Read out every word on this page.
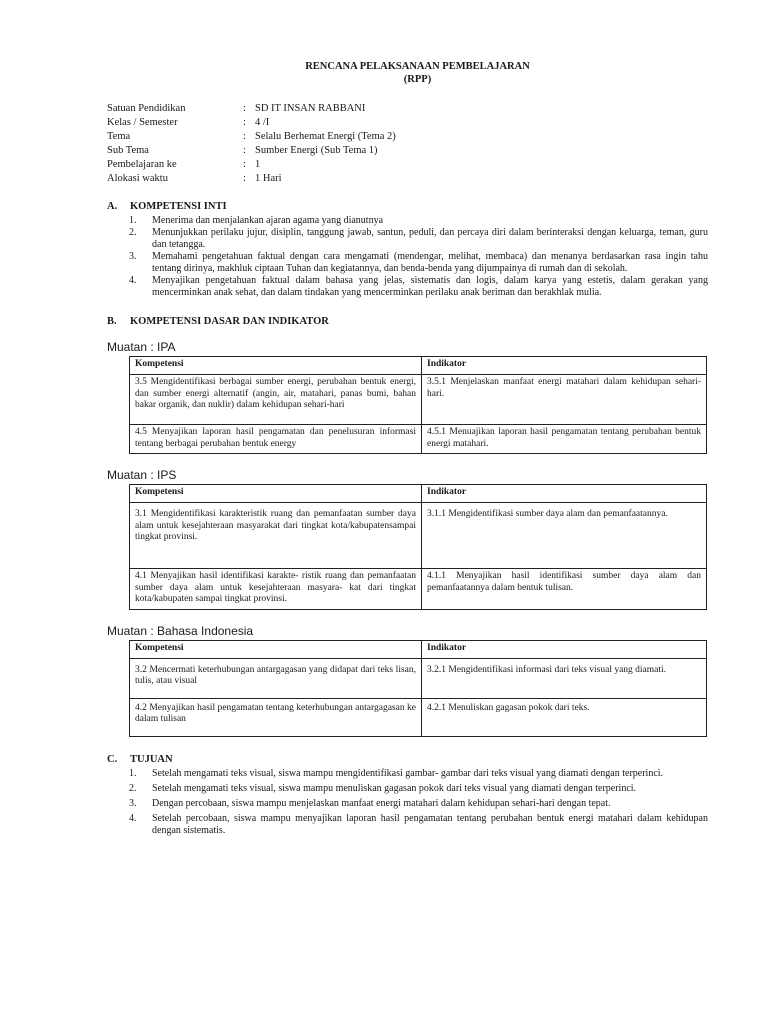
RENCANA PELAKSANAAN PEMBELAJARAN
(RPP)
Satuan Pendidikan	: SD IT INSAN RABBANI
Kelas / Semester	: 4 /I
Tema	: Selalu Berhemat Energi (Tema 2)
Sub Tema	: Sumber Energi (Sub Tema 1)
Pembelajaran ke	: 1
Alokasi waktu	: 1 Hari
A.	KOMPETENSI INTI
1.	Menerima dan menjalankan ajaran agama yang dianutnya
2.	Menunjukkan perilaku jujur, disiplin, tanggung jawab, santun, peduli, dan percaya diri dalam berinteraksi dengan keluarga, teman, guru dan tetangga.
3.	Memahami pengetahuan faktual dengan cara mengamati (mendengar, melihat, membaca) dan menanya berdasarkan rasa ingin tahu tentang dirinya, makhluk ciptaan Tuhan dan kegiatannya, dan benda-benda yang dijumpainya di rumah dan di sekolah.
4.	Menyajikan pengetahuan faktual dalam bahasa yang jelas, sistematis dan logis, dalam karya yang estetis, dalam gerakan yang mencerminkan anak sehat, dan dalam tindakan yang mencerminkan perilaku anak beriman dan berakhlak mulia.
B.	KOMPETENSI DASAR DAN INDIKATOR
Muatan : IPA
Kompetensi	Indikator
3.5 Mengidentifikasi berbagai sumber energi, perubahan bentuk energi, dan sumber energi alternatif (angin, air, matahari, panas bumi, bahan bakar organik, dan nuklir) dalam kehidupan sehari-hari	3.5.1 Menjelaskan manfaat energi matahari dalam kehidupan sehari-hari.
4.5 Menyajikan laporan hasil pengamatan dan penelusuran informasi tentang berbagai perubahan bentuk energy	4.5.1 Menuajikan laporan hasil pengamatan tentang perubahan bentuk energi matahari.
Muatan : IPS
Kompetensi	Indikator
3.1 Mengidentifikasi karakteristik ruang dan pemanfaatan sumber daya alam untuk kesejahteraan masyarakat dari tingkat kota/kabupatensampai tingkat provinsi.	3.1.1 Mengidentifikasi sumber daya alam dan pemanfaatannya.
4.1 Menyajikan hasil identifikasi karakte- ristik ruang dan pemanfaatan sumber daya alam untuk kesejahteraan masyara- kat dari tingkat kota/kabupaten sampai tingkat provinsi.	4.1.1 Menyajikan hasil identifikasi sumber daya alam dan pemanfaatannya dalam bentuk tulisan.
Muatan : Bahasa Indonesia
Kompetensi	Indikator
3.2 Mencermati keterhubungan antargagasan yang didapat dari teks lisan, tulis, atau visual	3.2.1 Mengidentifikasi informasi dari teks visual yang diamati.
4.2 Menyajikan hasil pengamatan tentang keterhubungan antargagasan ke dalam tulisan	4.2.1 Menuliskan gagasan pokok dari teks.
C.	TUJUAN
1.	Setelah mengamati teks visual, siswa mampu mengidentifikasi gambar- gambar dari teks visual yang diamati dengan terperinci.
2.	Setelah mengamati teks visual, siswa mampu menuliskan gagasan pokok dari teks visual yang diamati dengan terperinci.
3.	Dengan percobaan, siswa mampu menjelaskan manfaat energi matahari dalam kehidupan sehari-hari dengan tepat.
4.	Setelah percobaan, siswa mampu menyajikan laporan hasil pengamatan tentang perubahan bentuk energi matahari dalam kehidupan dengan sistematis.
